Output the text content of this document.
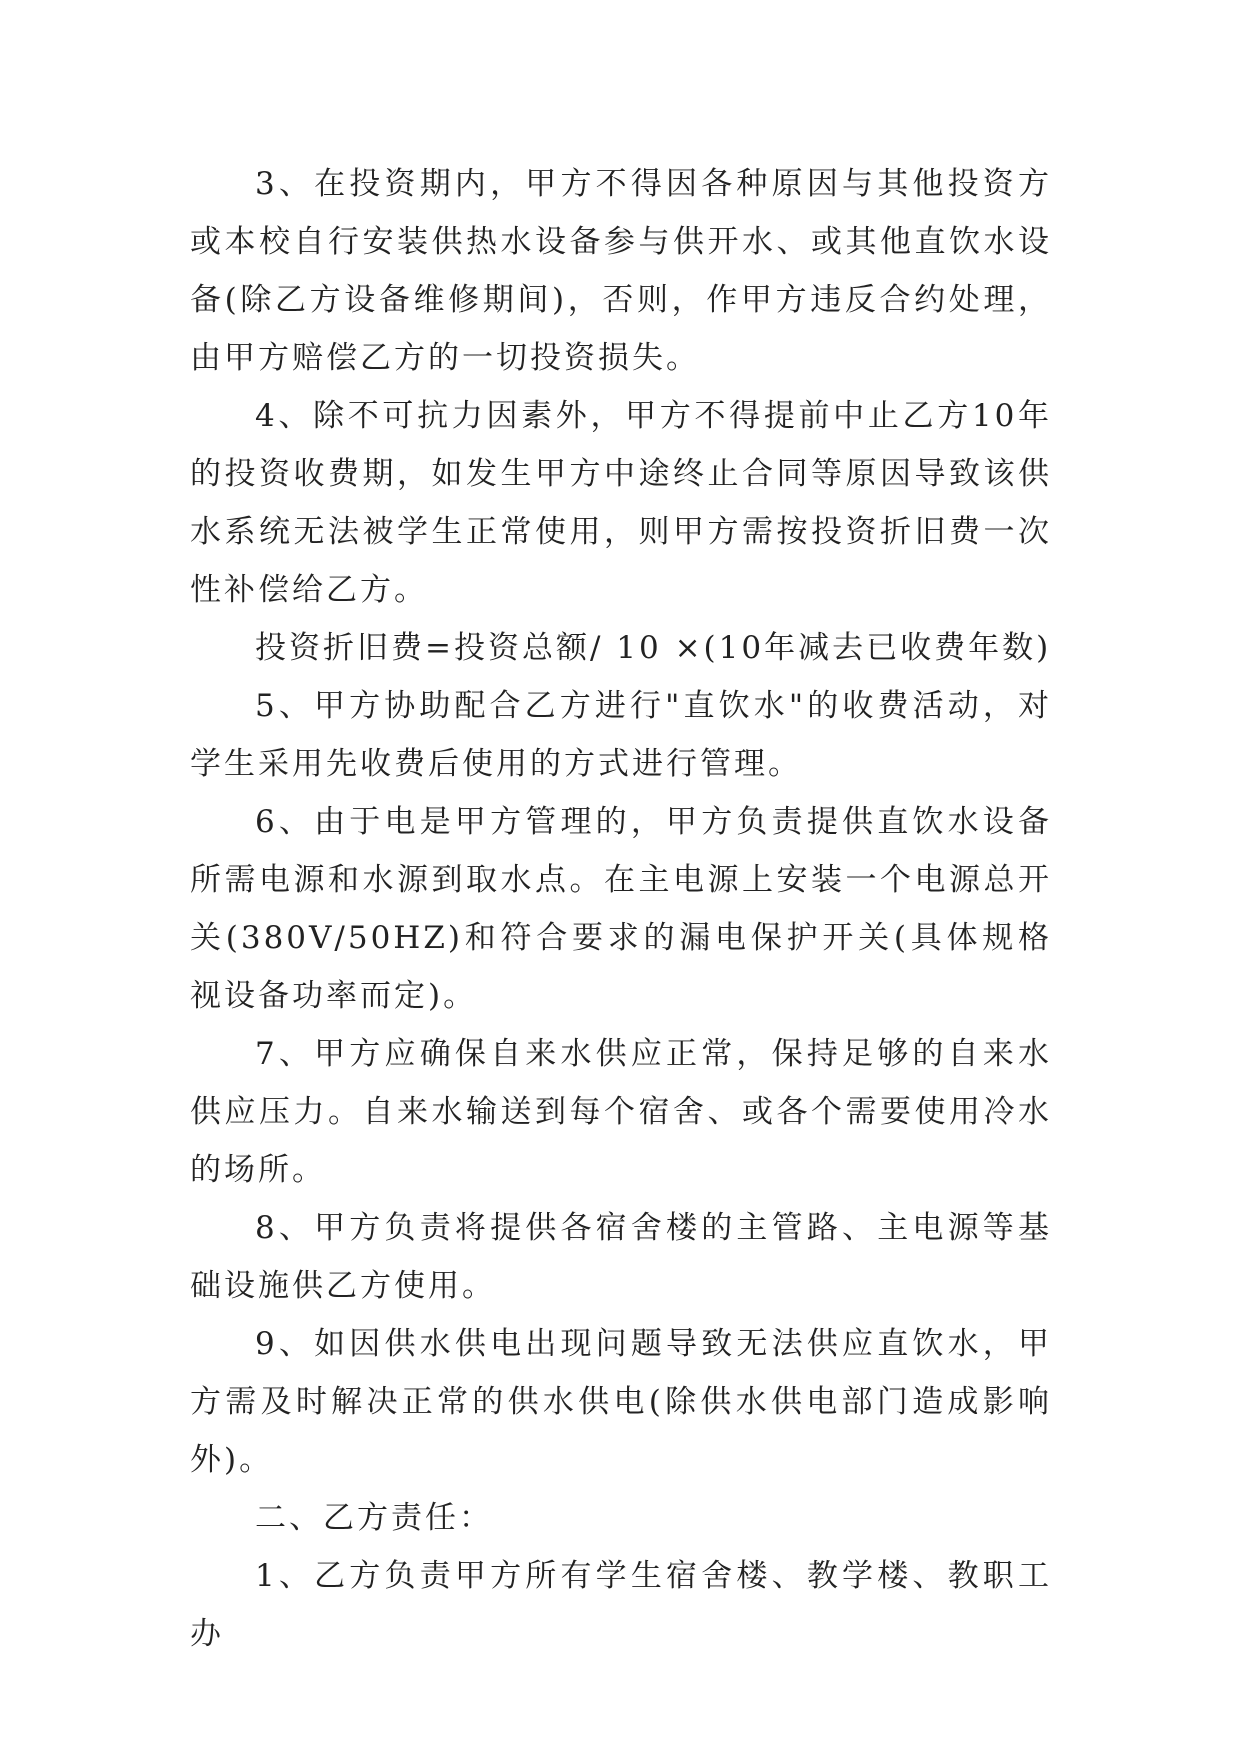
3、在投资期内，甲方不得因各种原因与其他投资方或本校自行安装供热水设备参与供开水、或其他直饮水设备(除乙方设备维修期间)，否则，作甲方违反合约处理，由甲方赔偿乙方的一切投资损失。

4、除不可抗力因素外，甲方不得提前中止乙方10年的投资收费期，如发生甲方中途终止合同等原因导致该供水系统无法被学生正常使用，则甲方需按投资折旧费一次性补偿给乙方。

投资折旧费=投资总额/ 10 ×(10年减去已收费年数)

5、甲方协助配合乙方进行"直饮水"的收费活动，对学生采用先收费后使用的方式进行管理。

6、由于电是甲方管理的，甲方负责提供直饮水设备所需电源和水源到取水点。在主电源上安装一个电源总开关(380V/50HZ)和符合要求的漏电保护开关(具体规格视设备功率而定)。

7、甲方应确保自来水供应正常，保持足够的自来水供应压力。自来水输送到每个宿舍、或各个需要使用冷水的场所。

8、甲方负责将提供各宿舍楼的主管路、主电源等基础设施供乙方使用。

9、如因供水供电出现问题导致无法供应直饮水，甲方需及时解决正常的供水供电(除供水供电部门造成影响外)。

二、乙方责任：

1、乙方负责甲方所有学生宿舍楼、教学楼、教职工办
